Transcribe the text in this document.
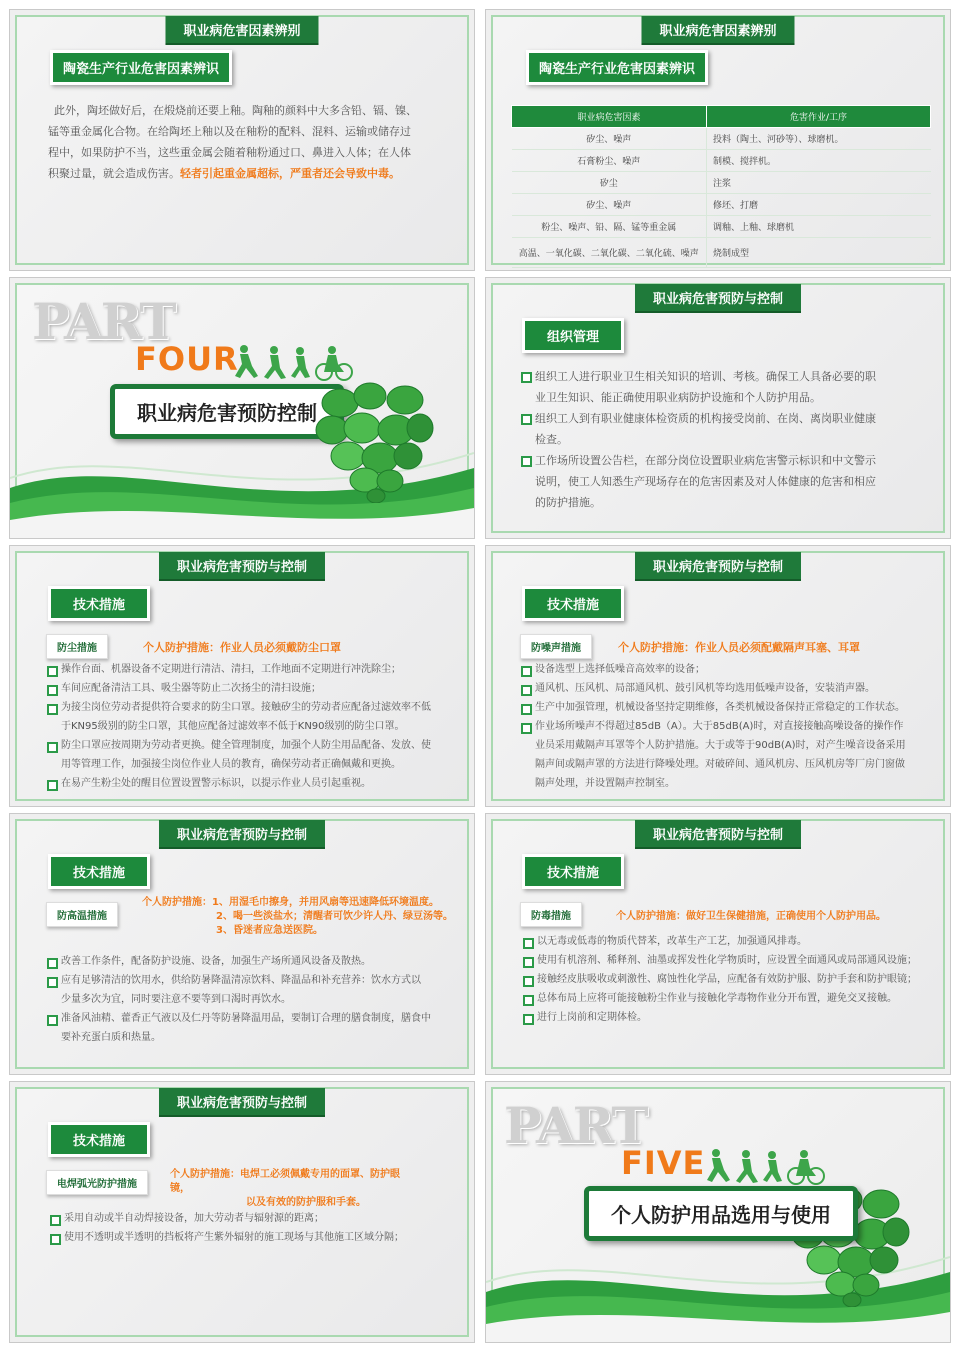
职业病危害因素辨别
陶瓷生产行业危害因素辨识
此外，陶坯做好后，在煅烧前还要上釉。陶釉的颜料中大多含铅、镉、镍、
锰等重金属化合物。在给陶坯上釉以及在釉粉的配料、混料、运输或储存过
程中，如果防护不当，这些重金属会随着釉粉通过口、鼻进入人体；在人体
积聚过量，就会造成伤害。轻者引起重金属超标，严重者还会导致中毒。
职业病危害因素辨别
陶瓷生产行业危害因素辨识
职业病危害因素	危害作业/工序
矽尘、噪声	投料（陶土、河砂等）、球磨机。
石膏粉尘、噪声	制模、搅拌机。
矽尘	注浆
矽尘、噪声	修坯、打磨
粉尘、噪声、铅、隔、锰等重金属	调釉、上釉、球磨机
高温、一氧化碳、二氧化碳、二氧化硫、噪声	烧制成型
PART
FOUR
职业病危害预防控制
职业病危害预防与控制
组织管理
组织工人进行职业卫生相关知识的培训、考核。确保工人具备必要的职
业卫生知识、能正确使用职业病防护设施和个人防护用品。
组织工人到有职业健康体检资质的机构接受岗前、在岗、离岗职业健康
检查。
工作场所设置公告栏，在部分岗位设置职业病危害警示标识和中文警示
说明，使工人知悉生产现场存在的危害因素及对人体健康的危害和相应
的防护措施。
职业病危害预防与控制
技术措施
防尘措施	个人防护措施：作业人员必须戴防尘口罩
操作台面、机器设备不定期进行清洁、清扫，工作地面不定期进行冲洗除尘；
车间应配备清洁工具、吸尘器等防止二次扬尘的清扫设施；
为接尘岗位劳动者提供符合要求的防尘口罩。接触矽尘的劳动者应配备过滤效率不低
于KN95级别的防尘口罩，其他应配备过滤效率不低于KN90级别的防尘口罩。
防尘口罩应按周期为劳动者更换。健全管理制度，加强个人防尘用品配备、发放、使
用等管理工作，加强接尘岗位作业人员的教育，确保劳动者正确佩戴和更换。
在易产生粉尘处的醒目位置设置警示标识，以提示作业人员引起重视。
职业病危害预防与控制
技术措施
防噪声措施	个人防护措施：作业人员必须配戴隔声耳塞、耳罩
设备选型上选择低噪音高效率的设备；
通风机、压风机、局部通风机、鼓引风机等均选用低噪声设备，安装消声器。
生产中加强管理，机械设备坚持定期维修，各类机械设备保持正常稳定的工作状态。
作业场所噪声不得超过85dB（A）。大于85dB(A)时，对直接接触高噪设备的操作作
业员采用戴隔声耳罩等个人防护措施。大于或等于90dB(A)时，对产生噪音设备采用
隔声间或隔声罩的方法进行降噪处理。对破碎间、通风机房、压风机房等厂房门窗做
隔声处理，并设置隔声控制室。
职业病危害预防与控制
技术措施
防高温措施
个人防护措施：1、用湿毛巾擦身，并用风扇等迅速降低环境温度。
2、喝一些淡盐水；清醒者可饮少许人丹、绿豆汤等。
3、昏迷者应急送医院。
改善工作条件，配备防护设施、设备，加强生产场所通风设备及散热。
应有足够清洁的饮用水，供给防暑降温清凉饮料、降温品和补充营养：饮水方式以
少量多次为宜，同时要注意不要等到口渴时再饮水。
准备风油精、藿香正气液以及仁丹等防暑降温用品，要制订合理的膳食制度，膳食中
要补充蛋白质和热量。
职业病危害预防与控制
技术措施
防毒措施	个人防护措施：做好卫生保健措施，正确使用个人防护用品。
以无毒或低毒的物质代替苯，改革生产工艺，加强通风排毒。
使用有机溶剂、稀释剂、油墨或挥发性化学物质时，应设置全面通风或局部通风设施；
接触经皮肤吸收或刺激性、腐蚀性化学品，应配备有效防护服、防护手套和防护眼镜；
总体布局上应将可能接触粉尘作业与接触化学毒物作业分开布置，避免交叉接触。
进行上岗前和定期体检。
职业病危害预防与控制
技术措施
电焊弧光防护措施
个人防护措施：电焊工必须佩戴专用的面罩、防护眼
镜，
以及有效的防护服和手套。
采用自动或半自动焊接设备，加大劳动者与辐射源的距离；
使用不透明或半透明的挡板将产生紫外辐射的施工现场与其他施工区域分隔；
PART
FIVE
个人防护用品选用与使用
